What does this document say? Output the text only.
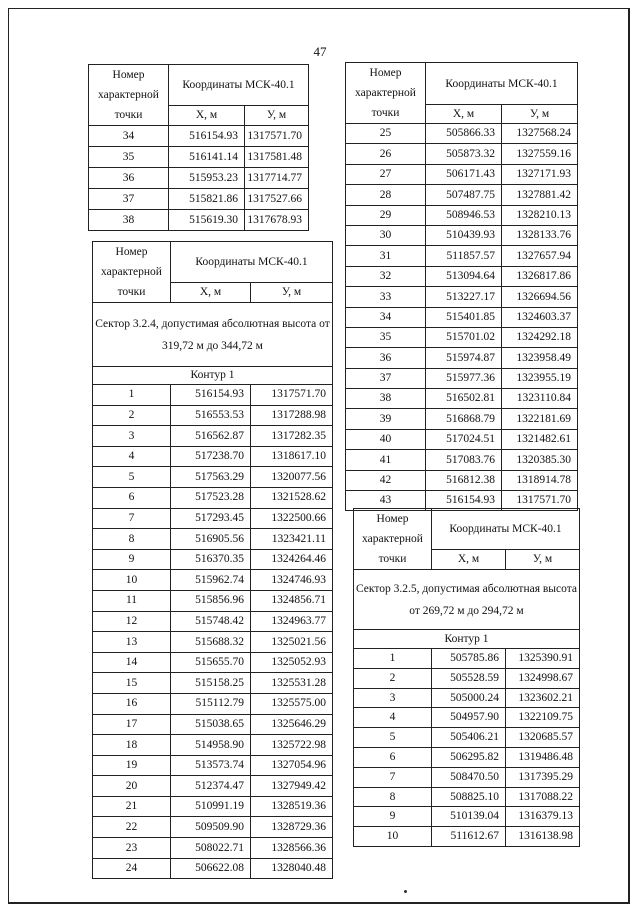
47
Номер характерной точки	Координаты МСК-40.1	
	Х, м	У, м
34	516154.93	1317571.70
35	516141.14	1317581.48
36	515953.23	1317714.77
37	515821.86	1317527.66
38	515619.30	1317678.93
Номер характерной точки	Координаты МСК-40.1	
	Х, м	У, м
Сектор 3.2.4, допустимая абсолютная высота от 319,72 м до 344,72 м		
Контур 1		
1	516154.93	1317571.70
2	516553.53	1317288.98
3	516562.87	1317282.35
4	517238.70	1318617.10
5	517563.29	1320077.56
6	517523.28	1321528.62
7	517293.45	1322500.66
8	516905.56	1323421.11
9	516370.35	1324264.46
10	515962.74	1324746.93
11	515856.96	1324856.71
12	515748.42	1324963.77
13	515688.32	1325021.56
14	515655.70	1325052.93
15	515158.25	1325531.28
16	515112.79	1325575.00
17	515038.65	1325646.29
18	514958.90	1325722.98
19	513573.74	1327054.96
20	512374.47	1327949.42
21	510991.19	1328519.36
22	509509.90	1328729.36
23	508022.71	1328566.36
24	506622.08	1328040.48
Номер характерной точки	Координаты МСК-40.1	
	Х, м	У, м
25	505866.33	1327568.24
26	505873.32	1327559.16
27	506171.43	1327171.93
28	507487.75	1327881.42
29	508946.53	1328210.13
30	510439.93	1328133.76
31	511857.57	1327657.94
32	513094.64	1326817.86
33	513227.17	1326694.56
34	515401.85	1324603.37
35	515701.02	1324292.18
36	515974.87	1323958.49
37	515977.36	1323955.19
38	516502.81	1323110.84
39	516868.79	1322181.69
40	517024.51	1321482.61
41	517083.76	1320385.30
42	516812.38	1318914.78
43	516154.93	1317571.70
Номер характерной точки	Координаты МСК-40.1	
	Х, м	У, м
Сектор 3.2.5, допустимая абсолютная высота от 269,72 м до 294,72 м		
Контур 1		
1	505785.86	1325390.91
2	505528.59	1324998.67
3	505000.24	1323602.21
4	504957.90	1322109.75
5	505406.21	1320685.57
6	506295.82	1319486.48
7	508470.50	1317395.29
8	508825.10	1317088.22
9	510139.04	1316379.13
10	511612.67	1316138.98
